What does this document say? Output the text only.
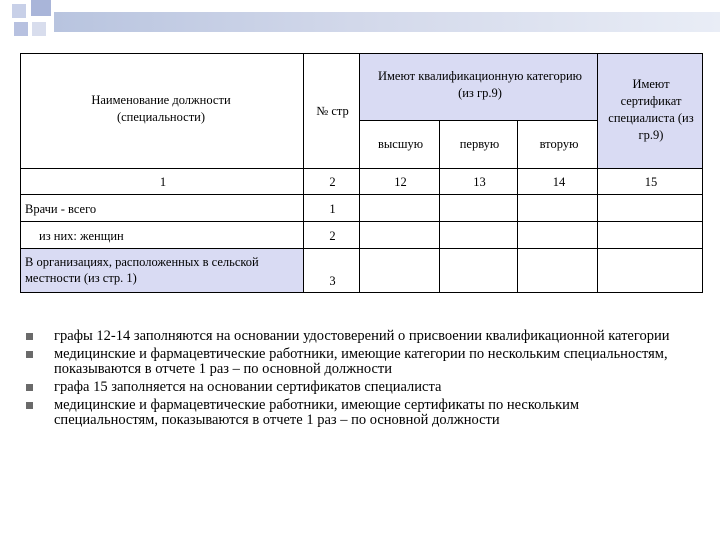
Наименование должности (специальности)	№ стр
Имеют квалификационную категорию (из гр.9)
высшую	первую	вторую
Имеют сертификат специалиста (из гр.9)
1	2	12	13	14	15
Врачи - всего	1
из них: женщин	2
В организациях, расположенных в сельской местности (из стр. 1)	3
графы 12-14 заполняются на основании удостоверений о присвоении квалификационной категории
медицинские и фармацевтические работники, имеющие категории по нескольким специальностям, показываются в отчете 1 раз – по основной должности
графа 15 заполняется на основании сертификатов специалиста
медицинские и фармацевтические работники, имеющие сертификаты по нескольким специальностям, показываются в отчете 1 раз – по основной должности
